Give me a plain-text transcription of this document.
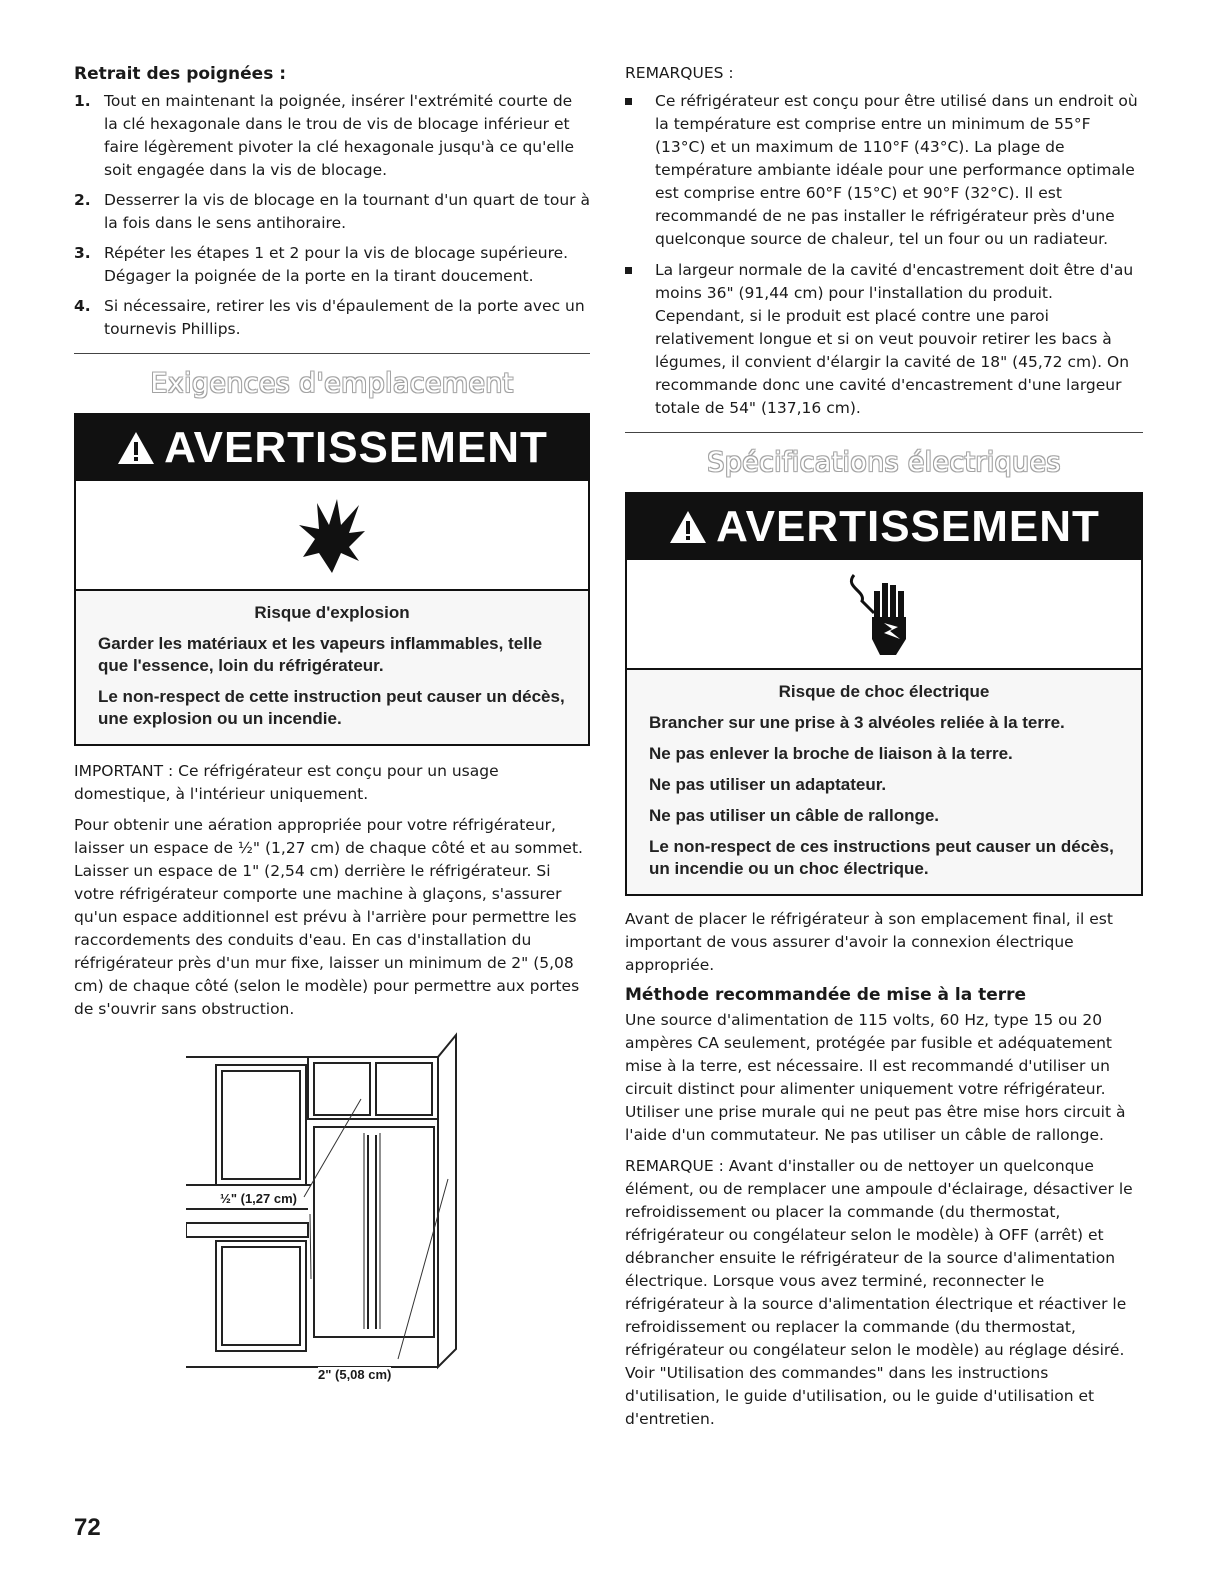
Retrait des poignées :
1. Tout en maintenant la poignée, insérer l'extrémité courte de la clé hexagonale dans le trou de vis de blocage inférieur et faire légèrement pivoter la clé hexagonale jusqu'à ce qu'elle soit engagée dans la vis de blocage.
2. Desserrer la vis de blocage en la tournant d'un quart de tour à la fois dans le sens antihoraire.
3. Répéter les étapes 1 et 2 pour la vis de blocage supérieure. Dégager la poignée de la porte en la tirant doucement.
4. Si nécessaire, retirer les vis d'épaulement de la porte avec un tournevis Phillips.
Exigences d'emplacement
AVERTISSEMENT
Risque d'explosion
Garder les matériaux et les vapeurs inflammables, telle que l'essence, loin du réfrigérateur.
Le non-respect de cette instruction peut causer un décès, une explosion ou un incendie.

IMPORTANT : Ce réfrigérateur est conçu pour un usage domestique, à l'intérieur uniquement.

Pour obtenir une aération appropriée pour votre réfrigérateur, laisser un espace de ½" (1,27 cm) de chaque côté et au sommet. Laisser un espace de 1" (2,54 cm) derrière le réfrigérateur. Si votre réfrigérateur comporte une machine à glaçons, s'assurer qu'un espace additionnel est prévu à l'arrière pour permettre les raccordements des conduits d'eau. En cas d'installation du réfrigérateur près d'un mur fixe, laisser un minimum de 2" (5,08 cm) de chaque côté (selon le modèle) pour permettre aux portes de s'ouvrir sans obstruction.

½" (1,27 cm)
2" (5,08 cm)
REMARQUES :
Ce réfrigérateur est conçu pour être utilisé dans un endroit où la température est comprise entre un minimum de 55°F (13°C) et un maximum de 110°F (43°C). La plage de température ambiante idéale pour une performance optimale est comprise entre 60°F (15°C) et 90°F (32°C). Il est recommandé de ne pas installer le réfrigérateur près d'une quelconque source de chaleur, tel un four ou un radiateur.
La largeur normale de la cavité d'encastrement doit être d'au moins 36" (91,44 cm) pour l'installation du produit. Cependant, si le produit est placé contre une paroi relativement longue et si on veut pouvoir retirer les bacs à légumes, il convient d'élargir la cavité de 18" (45,72 cm). On recommande donc une cavité d'encastrement d'une largeur totale de 54" (137,16 cm).
Spécifications électriques
AVERTISSEMENT
Risque de choc électrique
Brancher sur une prise à 3 alvéoles reliée à la terre.
Ne pas enlever la broche de liaison à la terre.
Ne pas utiliser un adaptateur.
Ne pas utiliser un câble de rallonge.
Le non-respect de ces instructions peut causer un décès, un incendie ou un choc électrique.

Avant de placer le réfrigérateur à son emplacement final, il est important de vous assurer d'avoir la connexion électrique appropriée.

Méthode recommandée de mise à la terre

Une source d'alimentation de 115 volts, 60 Hz, type 15 ou 20 ampères CA seulement, protégée par fusible et adéquatement mise à la terre, est nécessaire. Il est recommandé d'utiliser un circuit distinct pour alimenter uniquement votre réfrigérateur. Utiliser une prise murale qui ne peut pas être mise hors circuit à l'aide d'un commutateur. Ne pas utiliser un câble de rallonge.

REMARQUE : Avant d'installer ou de nettoyer un quelconque élément, ou de remplacer une ampoule d'éclairage, désactiver le refroidissement ou placer la commande (du thermostat, réfrigérateur ou congélateur selon le modèle) à OFF (arrêt) et débrancher ensuite le réfrigérateur de la source d'alimentation électrique. Lorsque vous avez terminé, reconnecter le réfrigérateur à la source d'alimentation électrique et réactiver le refroidissement ou replacer la commande (du thermostat, réfrigérateur ou congélateur selon le modèle) au réglage désiré. Voir "Utilisation des commandes" dans les instructions d'utilisation, le guide d'utilisation, ou le guide d'utilisation et d'entretien.

72
